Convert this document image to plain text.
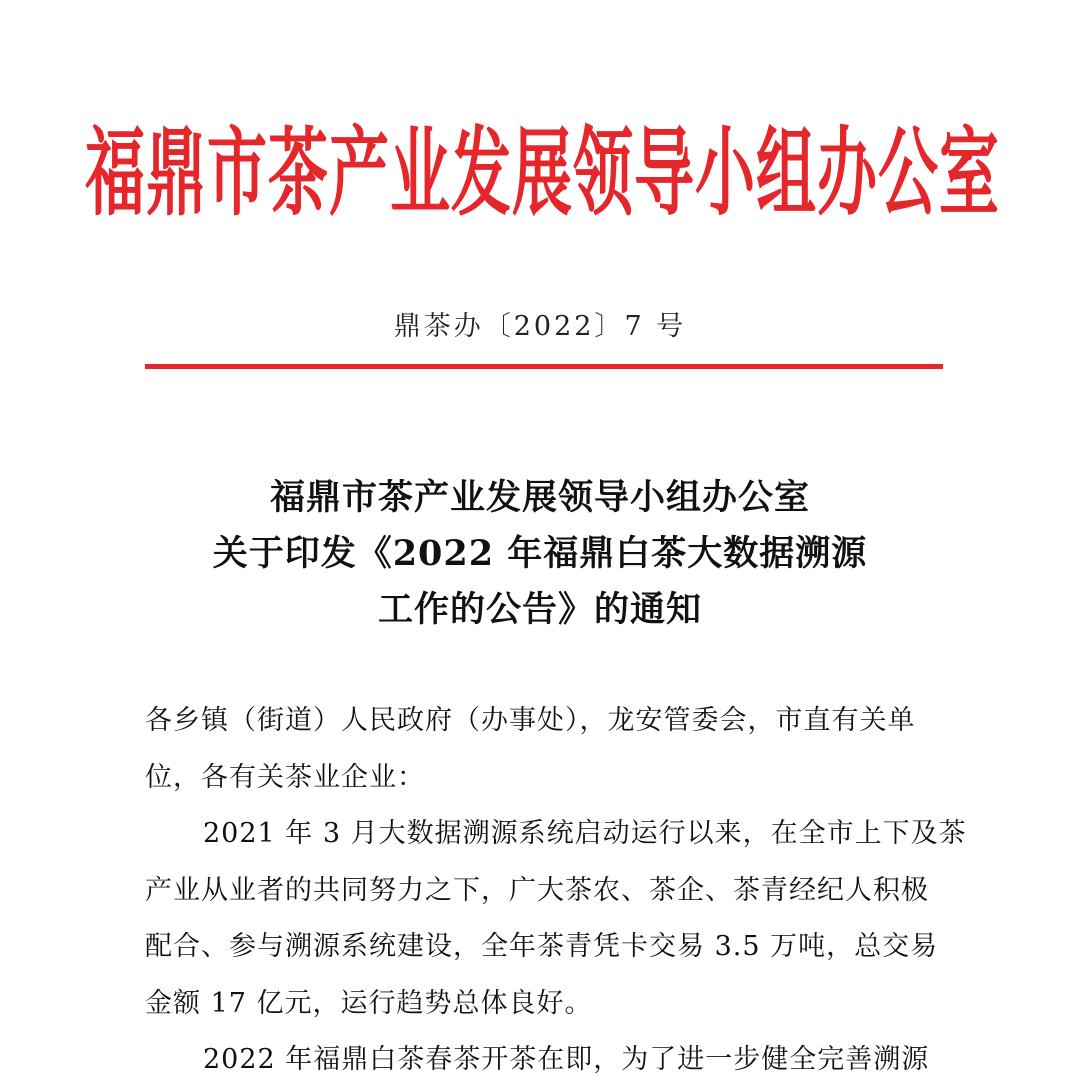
福鼎市茶产业发展领导小组办公室
鼎茶办〔2022〕7 号
福鼎市茶产业发展领导小组办公室
关于印发《2022 年福鼎白茶大数据溯源
工作的公告》的通知
各乡镇（街道）人民政府（办事处），龙安管委会，市直有关单
位，各有关茶业企业：
2021 年 3 月大数据溯源系统启动运行以来，在全市上下及茶
产业从业者的共同努力之下，广大茶农、茶企、茶青经纪人积极
配合、参与溯源系统建设，全年茶青凭卡交易 3.5 万吨，总交易
金额 17 亿元，运行趋势总体良好。
2022 年福鼎白茶春茶开茶在即，为了进一步健全完善溯源
